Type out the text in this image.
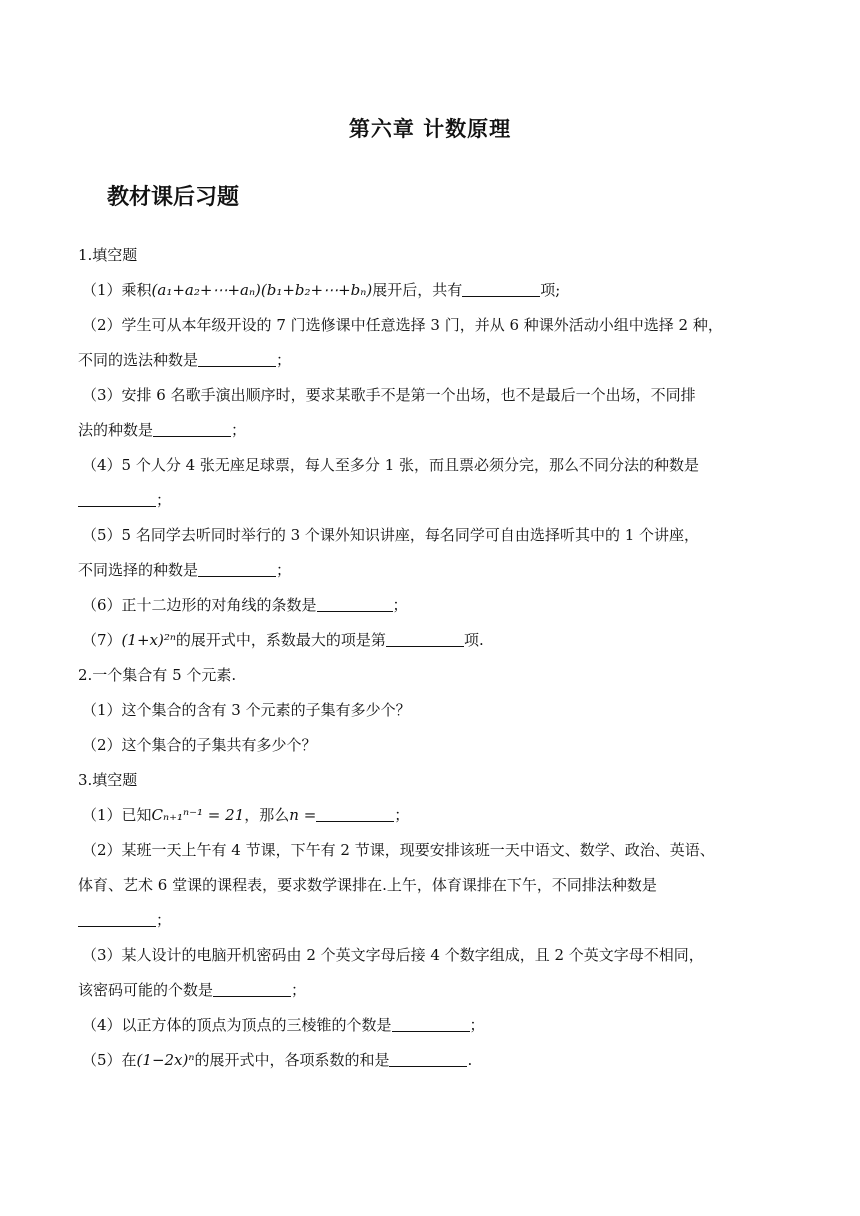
第六章 计数原理
教材课后习题
1.填空题
（1）乘积(a₁+a₂+⋯+aₙ)(b₁+b₂+⋯+bₙ)展开后，共有	项;
（2）学生可从本年级开设的 7 门选修课中任意选择 3 门，并从 6 种课外活动小组中选择 2 种，
不同的选法种数是	；
（3）安排 6 名歌手演出顺序时，要求某歌手不是第一个出场，也不是最后一个出场，不同排
法的种数是	；
（4）5 个人分 4 张无座足球票，每人至多分 1 张，而且票必须分完，那么不同分法的种数是
；
（5）5 名同学去听同时举行的 3 个课外知识讲座，每名同学可自由选择听其中的 1 个讲座，
不同选择的种数是	；
（6）正十二边形的对角线的条数是	；
（7）(1+x)²ⁿ的展开式中，系数最大的项是第	项.
2.一个集合有 5 个元素.
（1）这个集合的含有 3 个元素的子集有多少个？
（2）这个集合的子集共有多少个？
3.填空题
（1）已知Cₙ₊₁ⁿ⁻¹ = 21，那么n =	；
（2）某班一天上午有 4 节课，下午有 2 节课，现要安排该班一天中语文、数学、政治、英语、
体育、艺术 6 堂课的课程表，要求数学课排在.上午，体育课排在下午，不同排法种数是
；
（3）某人设计的电脑开机密码由 2 个英文字母后接 4 个数字组成，且 2 个英文字母不相同，
该密码可能的个数是	；
（4）以正方体的顶点为顶点的三棱锥的个数是	；
（5）在(1−2x)ⁿ的展开式中，各项系数的和是	.
